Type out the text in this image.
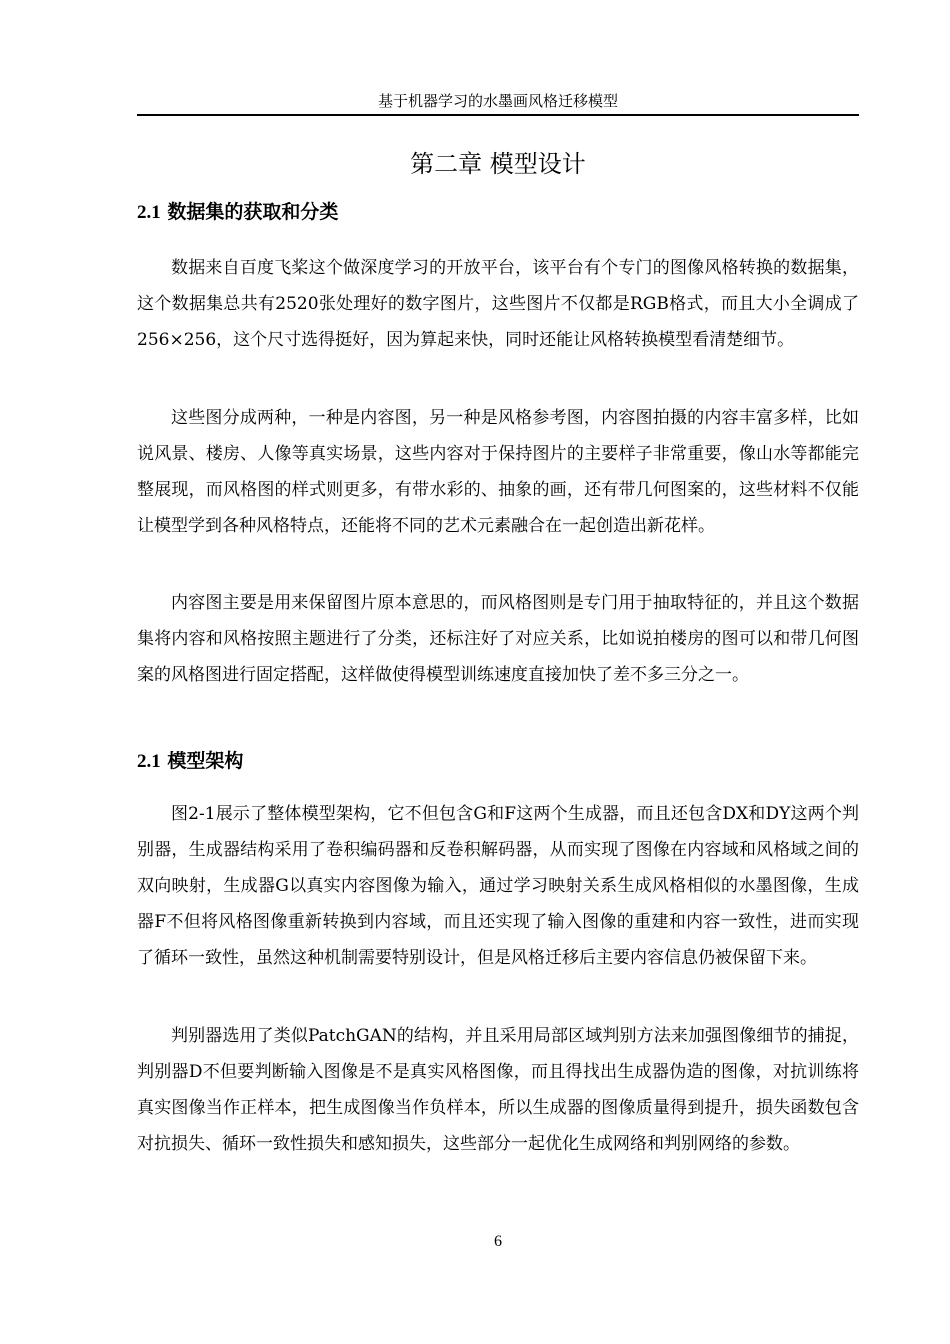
基于机器学习的水墨画风格迁移模型
第二章 模型设计
2.1 数据集的获取和分类

数据来自百度飞桨这个做深度学习的开放平台，该平台有个专门的图像风格转换的数据集，这个数据集总共有2520张处理好的数字图片，这些图片不仅都是RGB格式，而且大小全调成了256×256，这个尺寸选得挺好，因为算起来快，同时还能让风格转换模型看清楚细节。

这些图分成两种，一种是内容图，另一种是风格参考图，内容图拍摄的内容丰富多样，比如说风景、楼房、人像等真实场景，这些内容对于保持图片的主要样子非常重要，像山水等都能完整展现，而风格图的样式则更多，有带水彩的、抽象的画，还有带几何图案的，这些材料不仅能让模型学到各种风格特点，还能将不同的艺术元素融合在一起创造出新花样。

内容图主要是用来保留图片原本意思的，而风格图则是专门用于抽取特征的，并且这个数据集将内容和风格按照主题进行了分类，还标注好了对应关系，比如说拍楼房的图可以和带几何图案的风格图进行固定搭配，这样做使得模型训练速度直接加快了差不多三分之一。

2.1 模型架构

图2-1展示了整体模型架构，它不但包含G和F这两个生成器，而且还包含DX和DY这两个判别器，生成器结构采用了卷积编码器和反卷积解码器，从而实现了图像在内容域和风格域之间的双向映射，生成器G以真实内容图像为输入，通过学习映射关系生成风格相似的水墨图像，生成器F不但将风格图像重新转换到内容域，而且还实现了输入图像的重建和内容一致性，进而实现了循环一致性，虽然这种机制需要特别设计，但是风格迁移后主要内容信息仍被保留下来。

判别器选用了类似PatchGAN的结构，并且采用局部区域判别方法来加强图像细节的捕捉，判别器D不但要判断输入图像是不是真实风格图像，而且得找出生成器伪造的图像，对抗训练将真实图像当作正样本，把生成图像当作负样本，所以生成器的图像质量得到提升，损失函数包含对抗损失、循环一致性损失和感知损失，这些部分一起优化生成网络和判别网络的参数。

6
